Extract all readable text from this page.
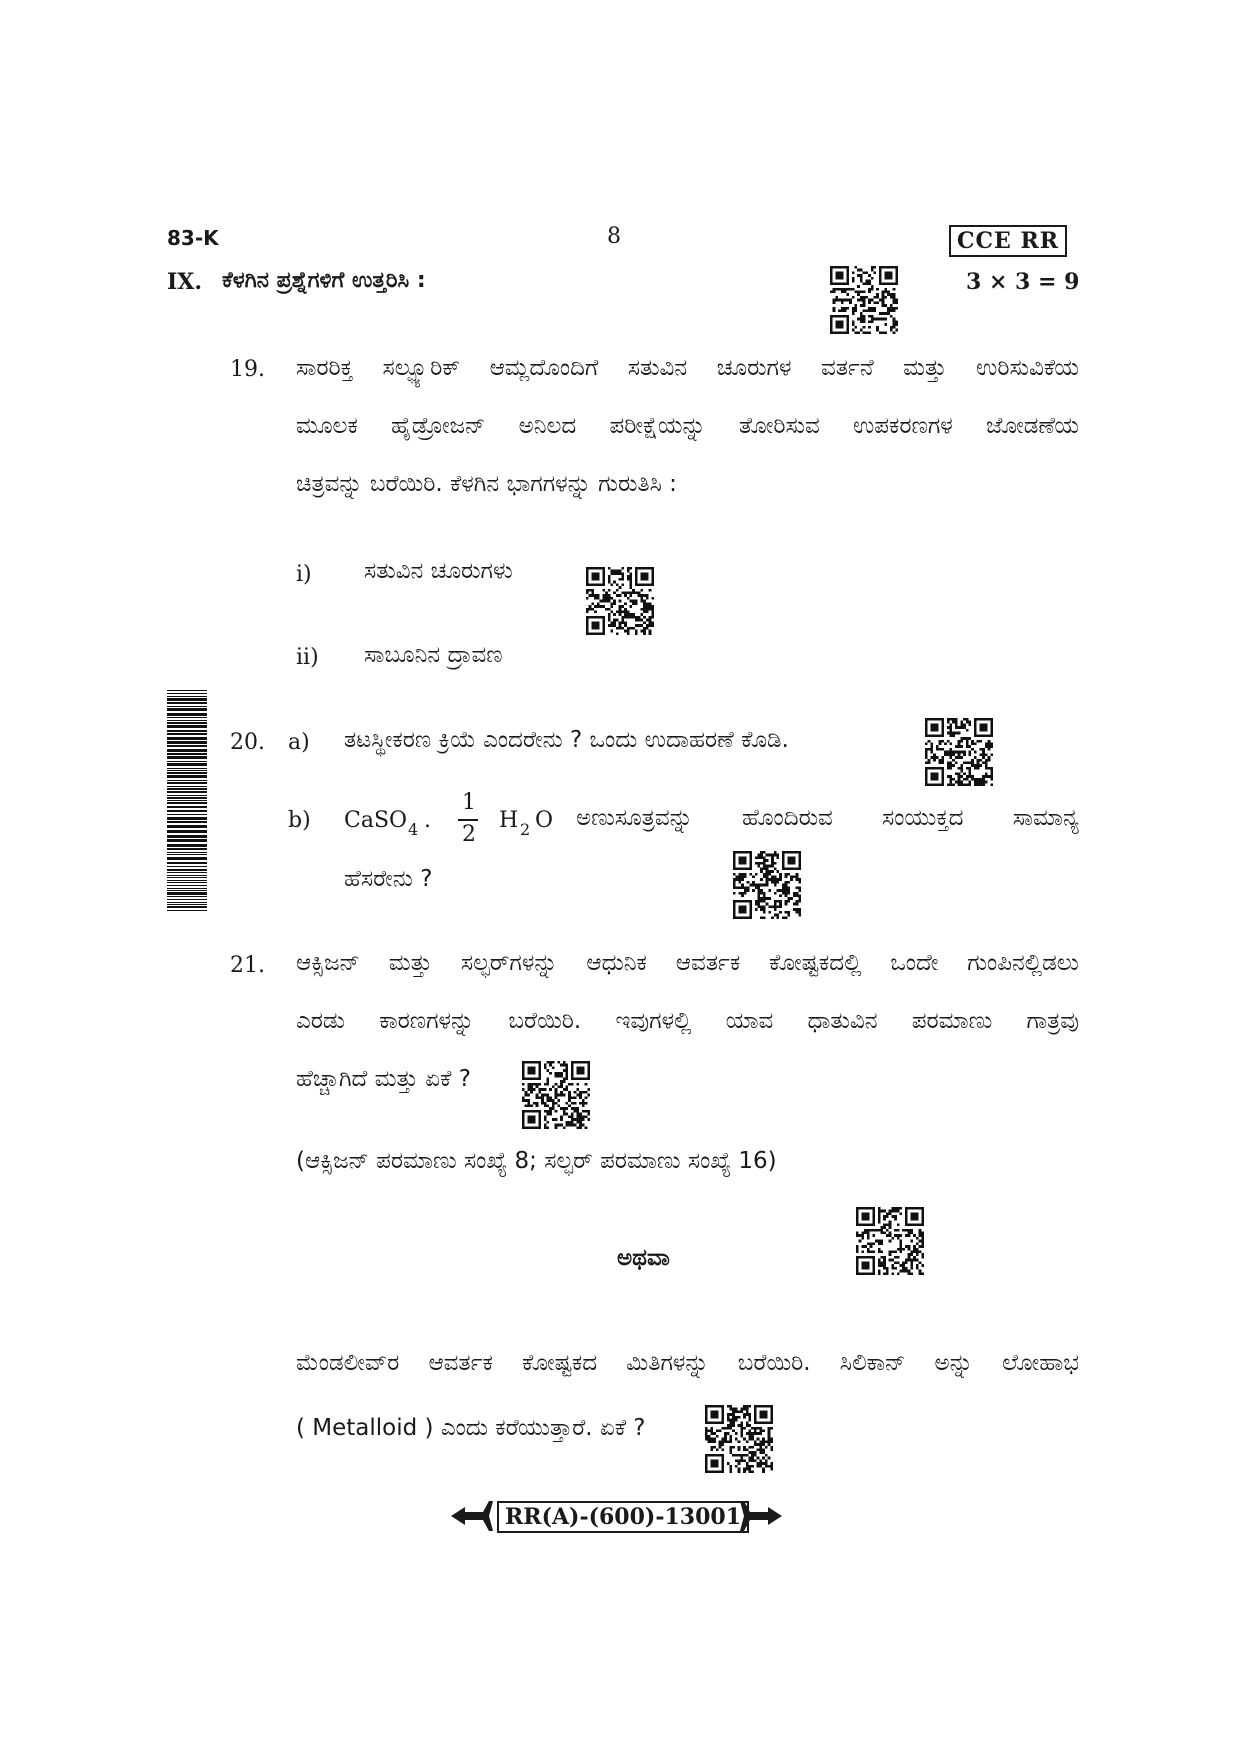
83-K	8	CCE RR
IX. ಕೆಳಗಿನ ಪ್ರಶ್ನೆಗಳಿಗೆ ಉತ್ತರಿಸಿ :	3 × 3 = 9
19. ಸಾರರಿಕ್ತ ಸಲ್ಫ್ಯೂರಿಕ್ ಆಮ್ಲದೊಂದಿಗೆ ಸತುವಿನ ಚೂರುಗಳ ವರ್ತನೆ ಮತ್ತು ಉರಿಸುವಿಕೆಯ
ಮೂಲಕ ಹೈಡ್ರೋಜನ್ ಅನಿಲದ ಪರೀಕ್ಷೆಯನ್ನು ತೋರಿಸುವ ಉಪಕರಣಗಳ ಜೋಡಣೆಯ
ಚಿತ್ರವನ್ನು ಬರೆಯಿರಿ. ಕೆಳಗಿನ ಭಾಗಗಳನ್ನು ಗುರುತಿಸಿ :
i) ಸತುವಿನ ಚೂರುಗಳು
ii) ಸಾಬೂನಿನ ದ್ರಾವಣ
20. a) ತಟಸ್ಥೀಕರಣ ಕ್ರಿಯೆ ಎಂದರೇನು ? ಒಂದು ಉದಾಹರಣೆ ಕೊಡಿ.
b) CaSO 4 .
1
2
H 2 O ಅಣುಸೂತ್ರವನ್ನು ಹೊಂದಿರುವ ಸಂಯುಕ್ತದ ಸಾಮಾನ್ಯ
ಹೆಸರೇನು ?
21. ಆಕ್ಸಿಜನ್ ಮತ್ತು ಸಲ್ಫರ್‌ಗಳನ್ನು ಆಧುನಿಕ ಆವರ್ತಕ ಕೋಷ್ಟಕದಲ್ಲಿ ಒಂದೇ ಗುಂಪಿನಲ್ಲಿಡಲು
ಎರಡು ಕಾರಣಗಳನ್ನು ಬರೆಯಿರಿ. ಇವುಗಳಲ್ಲಿ ಯಾವ ಧಾತುವಿನ ಪರಮಾಣು ಗಾತ್ರವು
ಹೆಚ್ಚಾಗಿದೆ ಮತ್ತು ಏಕೆ ?
(ಆಕ್ಸಿಜನ್ ಪರಮಾಣು ಸಂಖ್ಯೆ 8; ಸಲ್ಫರ್ ಪರಮಾಣು ಸಂಖ್ಯೆ 16)
ಅಥವಾ
ಮೆಂಡಲೀವ್‌ರ ಆವರ್ತಕ ಕೋಷ್ಟಕದ ಮಿತಿಗಳನ್ನು ಬರೆಯಿರಿ. ಸಿಲಿಕಾನ್ ಅನ್ನು ಲೋಹಾಭ
( Metalloid ) ಎಂದು ಕರೆಯುತ್ತಾರೆ. ಏಕೆ ?
RR(A)-(600)-13001
